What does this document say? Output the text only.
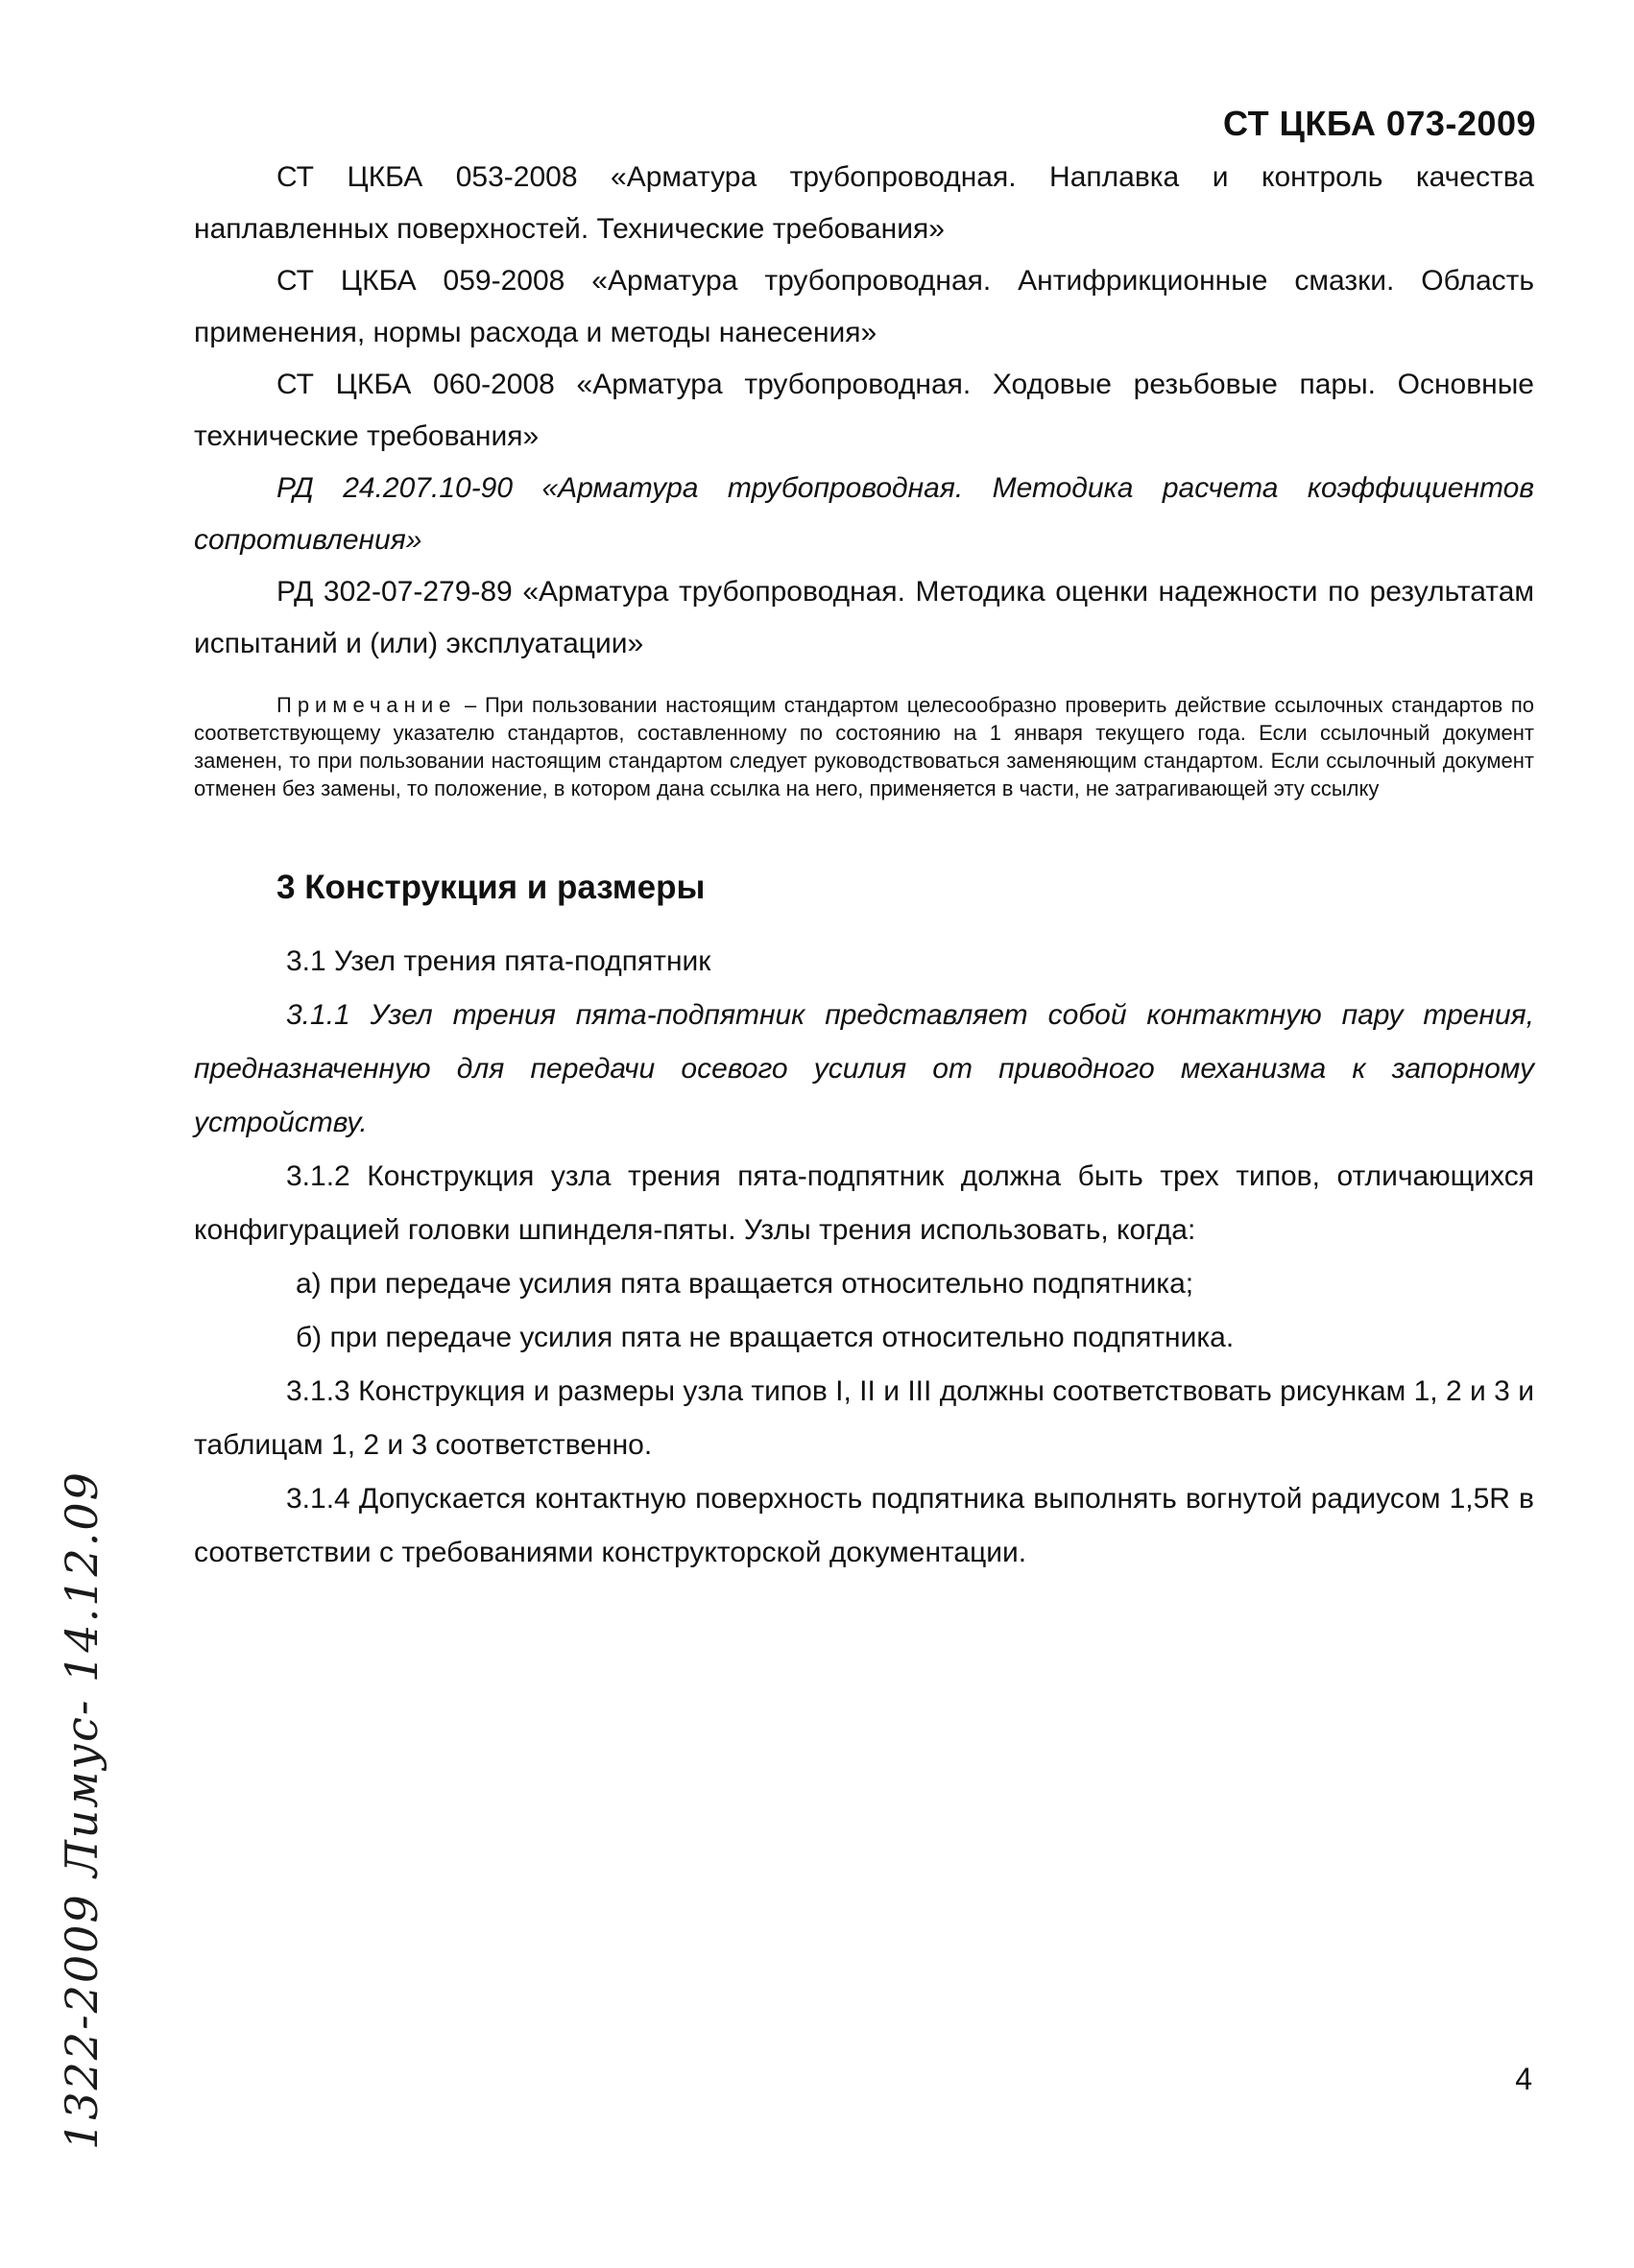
СТ ЦКБА 073-2009

СТ ЦКБА 053-2008 «Арматура трубопроводная. Наплавка и контроль качества наплавленных поверхностей. Технические требования»

СТ ЦКБА 059-2008 «Арматура трубопроводная. Антифрикционные смазки. Область применения, нормы расхода и методы нанесения»

СТ ЦКБА 060-2008 «Арматура трубопроводная. Ходовые резьбовые пары. Основные технические требования»

РД 24.207.10-90 «Арматура трубопроводная. Методика расчета коэффициентов сопротивления»

РД 302-07-279-89 «Арматура трубопроводная. Методика оценки надежности по результатам испытаний и (или) эксплуатации»

Примечание – При пользовании настоящим стандартом целесообразно проверить действие ссылочных стандартов по соответствующему указателю стандартов, составленному по состоянию на 1 января текущего года. Если ссылочный документ заменен, то при пользовании настоящим стандартом следует руководствоваться заменяющим стандартом. Если ссылочный документ отменен без замены, то положение, в котором дана ссылка на него, применяется в части, не затрагивающей эту ссылку

3 Конструкция и размеры

3.1 Узел трения пята-подпятник

3.1.1 Узел трения пята-подпятник представляет собой контактную пару трения, предназначенную для передачи осевого усилия от приводного механизма к запорному устройству.

3.1.2 Конструкция узла трения пята-подпятник должна быть трех типов, отличающихся конфигурацией головки шпинделя-пяты. Узлы трения использовать, когда:

а) при передаче усилия пята вращается относительно подпятника;

б) при передаче усилия пята не вращается относительно подпятника.

3.1.3 Конструкция и размеры узла типов I, II и III должны соответствовать рисункам 1, 2 и 3 и таблицам 1, 2 и 3 соответственно.

3.1.4 Допускается контактную поверхность подпятника выполнять вогнутой радиусом 1,5R в соответствии с требованиями конструкторской документации.

1322-2009 Лимус- 14.12.09	4
